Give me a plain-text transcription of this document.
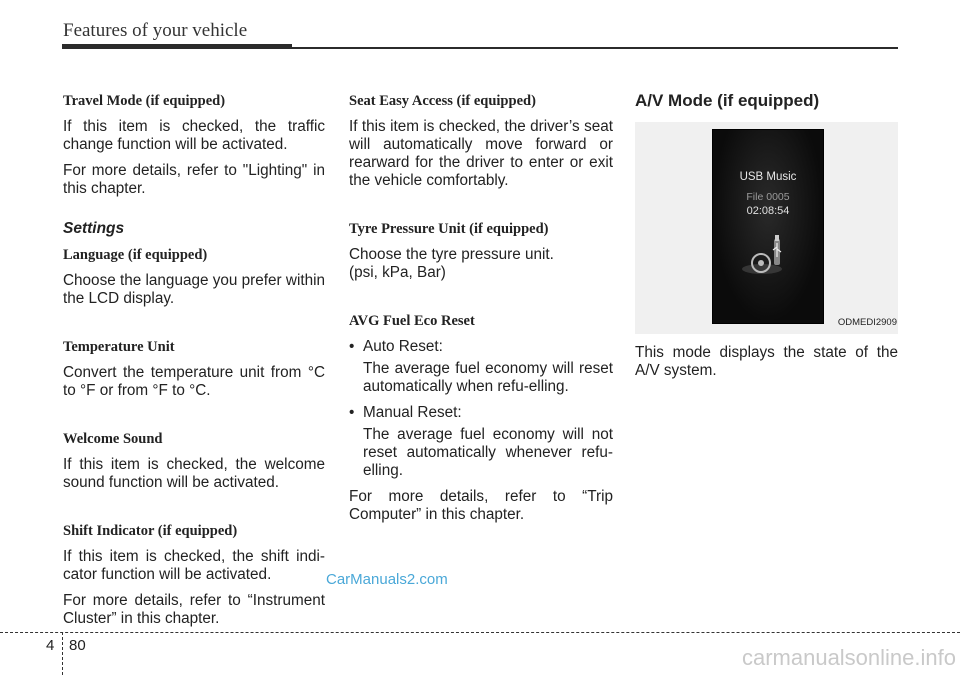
Features of your vehicle
Travel Mode (if equipped)

If this item is checked, the traffic change function will be activated.

For more details, refer to "Lighting" in this chapter.

Settings
Language (if equipped)

Choose the language you prefer within the LCD display.

Temperature Unit

Convert the temperature unit from °C to °F or from °F to °C.

Welcome Sound

If this item is checked, the welcome sound function will be activated.

Shift Indicator (if equipped)

If this item is checked, the shift indi-cator function will be activated.

For more details, refer to “Instrument Cluster” in this chapter.

Seat Easy Access (if equipped)

If this item is checked, the driver’s seat will automatically move forward or rearward for the driver to enter or exit the vehicle comfortably.

Tyre Pressure Unit (if equipped)

Choose the tyre pressure unit.

(psi, kPa, Bar)

AVG Fuel Eco Reset
• Auto Reset:

The average fuel economy will reset automatically when refu-elling.

• Manual Reset:

The average fuel economy will not reset automatically whenever refu-elling.

For more details, refer to “Trip Computer” in this chapter.

A/V Mode (if equipped)
USB Music
File 0005
02:08:54
ODMEDI2909

This mode displays the state of the A/V system.

CarManuals2.com
4 80	carmanualsonline.info
